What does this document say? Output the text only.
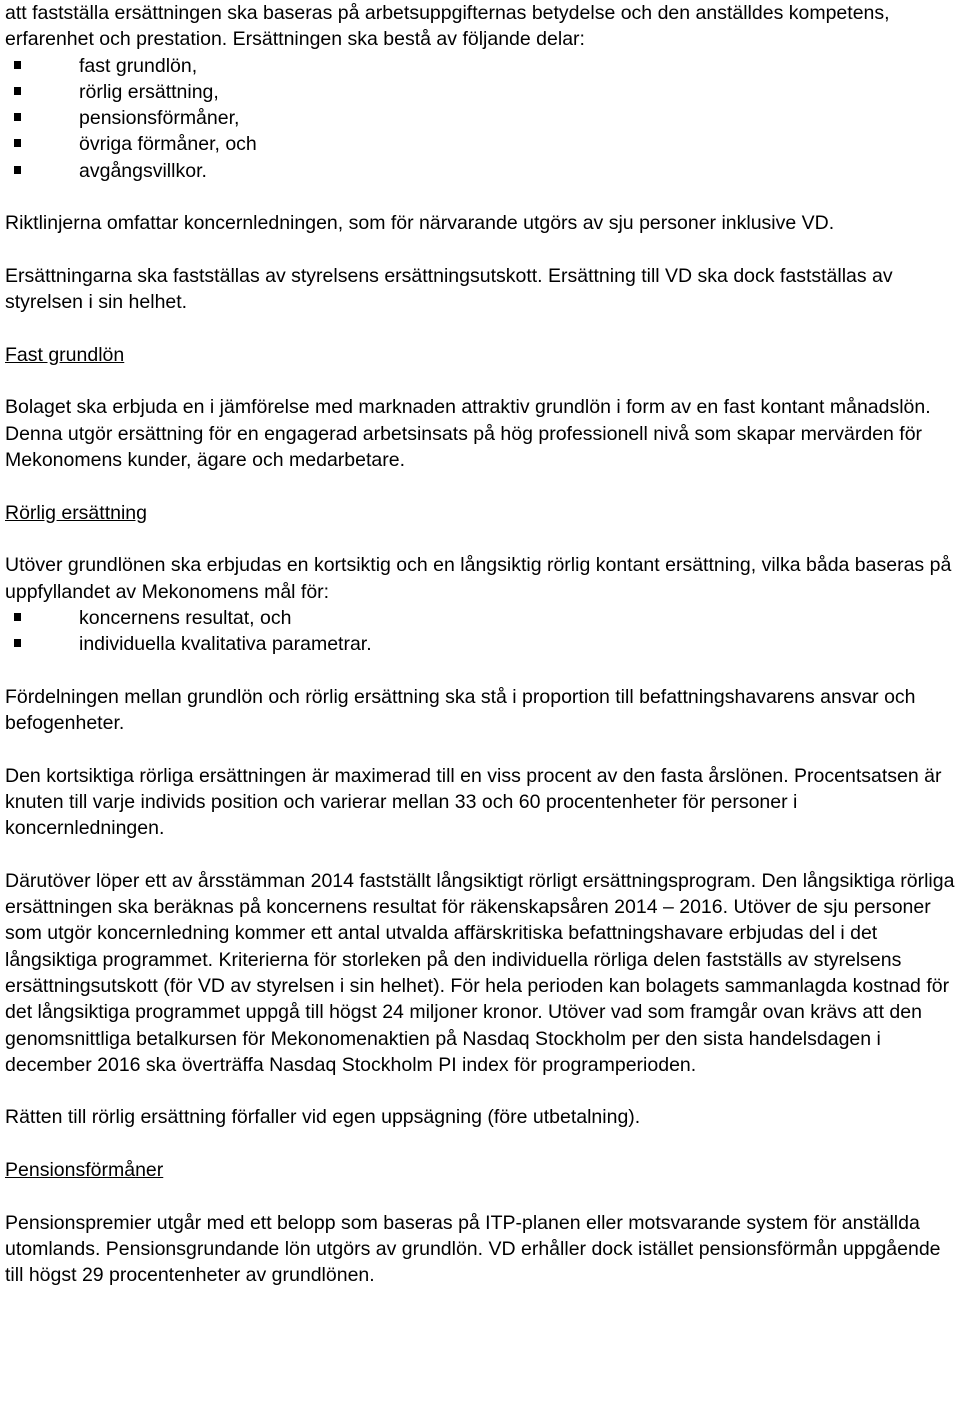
att fastställa ersättningen ska baseras på arbetsuppgifternas betydelse och den anställdes kompetens, erfarenhet och prestation. Ersättningen ska bestå av följande delar:

fast grundlön,
rörlig ersättning,
pensionsförmåner,
övriga förmåner, och
avgångsvillkor.

Riktlinjerna omfattar koncernledningen, som för närvarande utgörs av sju personer inklusive VD.

Ersättningarna ska fastställas av styrelsens ersättningsutskott. Ersättning till VD ska dock fastställas av styrelsen i sin helhet.

Fast grundlön

Bolaget ska erbjuda en i jämförelse med marknaden attraktiv grundlön i form av en fast kontant månadslön. Denna utgör ersättning för en engagerad arbetsinsats på hög professionell nivå som skapar mervärden för Mekonomens kunder, ägare och medarbetare.

Rörlig ersättning

Utöver grundlönen ska erbjudas en kortsiktig och en långsiktig rörlig kontant ersättning, vilka båda baseras på uppfyllandet av Mekonomens mål för:

koncernens resultat, och
individuella kvalitativa parametrar.

Fördelningen mellan grundlön och rörlig ersättning ska stå i proportion till befattningshavarens ansvar och befogenheter.

Den kortsiktiga rörliga ersättningen är maximerad till en viss procent av den fasta årslönen. Procentsatsen är knuten till varje individs position och varierar mellan 33 och 60 procentenheter för personer i koncernledningen.

Därutöver löper ett av årsstämman 2014 fastställt långsiktigt rörligt ersättningsprogram. Den långsiktiga rörliga ersättningen ska beräknas på koncernens resultat för räkenskapsåren 2014 – 2016. Utöver de sju personer som utgör koncernledning kommer ett antal utvalda affärskritiska befattningshavare erbjudas del i det långsiktiga programmet. Kriterierna för storleken på den individuella rörliga delen fastställs av styrelsens ersättningsutskott (för VD av styrelsen i sin helhet). För hela perioden kan bolagets sammanlagda kostnad för det långsiktiga programmet uppgå till högst 24 miljoner kronor. Utöver vad som framgår ovan krävs att den genomsnittliga betalkursen för Mekonomenaktien på Nasdaq Stockholm per den sista handelsdagen i december 2016 ska överträffa Nasdaq Stockholm PI index för programperioden.

Rätten till rörlig ersättning förfaller vid egen uppsägning (före utbetalning).

Pensionsförmåner

Pensionspremier utgår med ett belopp som baseras på ITP-planen eller motsvarande system för anställda utomlands. Pensionsgrundande lön utgörs av grundlön. VD erhåller dock istället pensionsförmån uppgående till högst 29 procentenheter av grundlönen.
